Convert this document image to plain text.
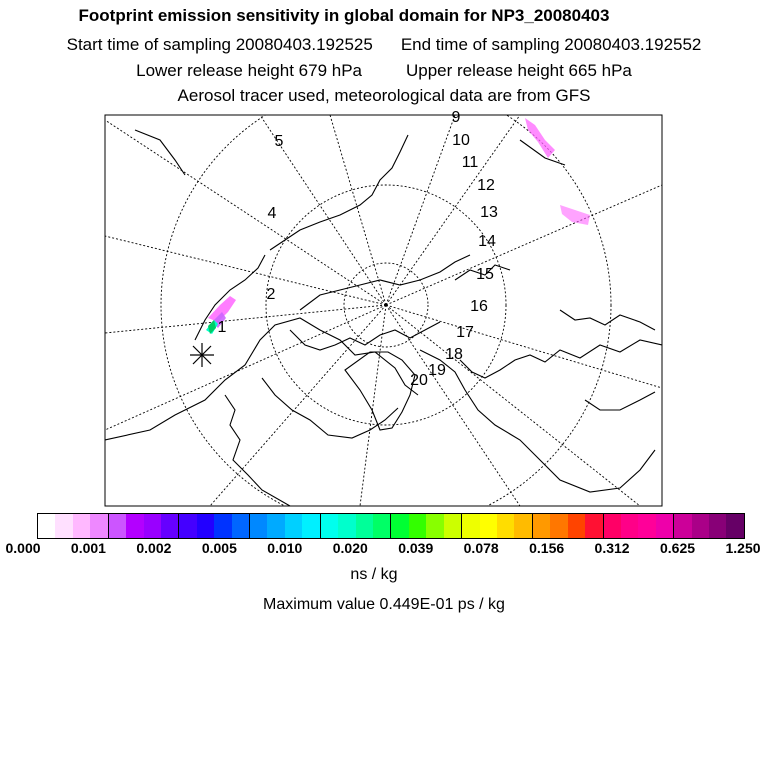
Footprint emission sensitivity in global domain for NP3_20080403
Start time of sampling 20080403.192525 End time of sampling 20080403.192552
Lower release height 679 hPa	Upper release height 665 hPa
Aerosol tracer used, meteorological data are from GFS
1
2
4
5
9
10
11
12
13
14
15
16
17
18
19
20
0.000 0.001 0.002 0.005 0.010 0.020 0.039 0.078 0.156 0.312 0.625 1.250
ns / kg
Maximum value 0.449E-01 ps / kg
